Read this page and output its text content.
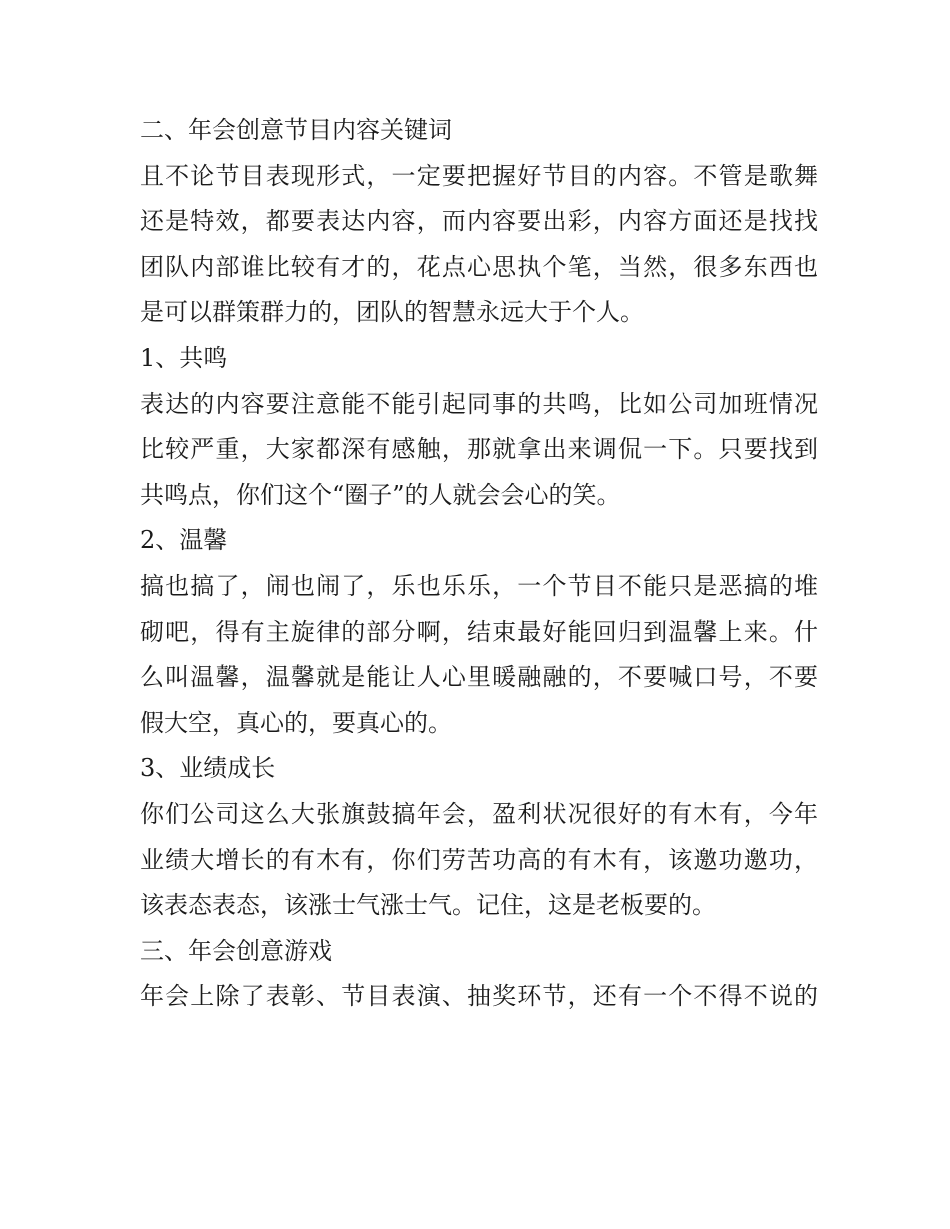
二、年会创意节目内容关键词
且不论节目表现形式，一定要把握好节目的内容。不管是歌舞
还是特效，都要表达内容，而内容要出彩，内容方面还是找找
团队内部谁比较有才的，花点心思执个笔，当然，很多东西也
是可以群策群力的，团队的智慧永远大于个人。
1、共鸣
表达的内容要注意能不能引起同事的共鸣，比如公司加班情况
比较严重，大家都深有感触，那就拿出来调侃一下。只要找到
共鸣点，你们这个“圈子”的人就会会心的笑。
2、温馨
搞也搞了，闹也闹了，乐也乐乐，一个节目不能只是恶搞的堆
砌吧，得有主旋律的部分啊，结束最好能回归到温馨上来。什
么叫温馨，温馨就是能让人心里暖融融的，不要喊口号，不要
假大空，真心的，要真心的。
3、业绩成长
你们公司这么大张旗鼓搞年会，盈利状况很好的有木有，今年
业绩大增长的有木有，你们劳苦功高的有木有，该邀功邀功，
该表态表态，该涨士气涨士气。记住，这是老板要的。
三、年会创意游戏
年会上除了表彰、节目表演、抽奖环节，还有一个不得不说的
